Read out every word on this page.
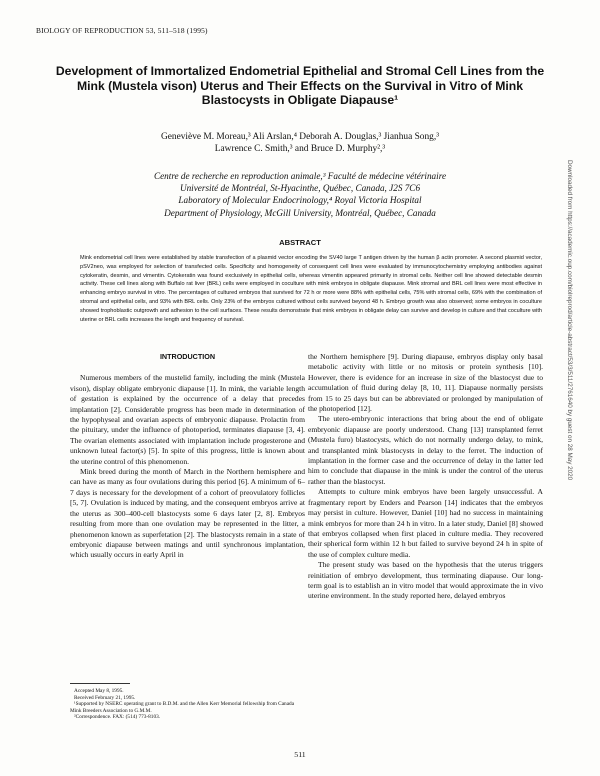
BIOLOGY OF REPRODUCTION 53, 511–518 (1995)
Development of Immortalized Endometrial Epithelial and Stromal Cell Lines from the Mink (Mustela vison) Uterus and Their Effects on the Survival in Vitro of Mink Blastocysts in Obligate Diapause¹
Geneviève M. Moreau,³ Ali Arslan,⁴ Deborah A. Douglas,³ Jianhua Song,³
Lawrence C. Smith,³ and Bruce D. Murphy²,³
Centre de recherche en reproduction animale,³ Faculté de médecine vétérinaire
Université de Montréal, St-Hyacinthe, Québec, Canada, J2S 7C6
Laboratory of Molecular Endocrinology,⁴ Royal Victoria Hospital
Department of Physiology, McGill University, Montréal, Québec, Canada	Downloaded from https://academic.oup.com/biolreprod/article-abstract/53/3/511/2761640 by guest on 28 May 2020
ABSTRACT
Mink endometrial cell lines were established by stable transfection of a plasmid vector encoding the SV40 large T antigen driven by the human β actin promoter. A second plasmid vector, pSV2neo, was employed for selection of transfected cells. Specificity and homogeneity of consequent cell lines were evaluated by immunocytochemistry employing antibodies against cytokeratin, desmin, and vimentin. Cytokeratin was found exclusively in epithelial cells, whereas vimentin appeared primarily in stromal cells. Neither cell line showed detectable desmin activity. These cell lines along with Buffalo rat liver (BRL) cells were employed in coculture with mink embryos in obligate diapause. Mink stromal and BRL cell lines were most effective in enhancing embryo survival in vitro. The percentages of cultured embryos that survived for 72 h or more were 88% with epithelial cells, 75% with stromal cells, 69% with the combination of stromal and epithelial cells, and 93% with BRL cells. Only 23% of the embryos cultured without cells survived beyond 48 h. Embryo growth was also observed; some embryos in coculture showed trophoblastic outgrowth and adhesion to the cell surfaces. These results demonstrate that mink embryos in obligate delay can survive and develop in culture and that coculture with uterine or BRL cells increases the length and frequency of survival.
INTRODUCTION

Numerous members of the mustelid family, including the mink (Mustela vison), display obligate embryonic diapause [1]. In mink, the variable length of gestation is explained by the occurrence of a delay that precedes implantation [2]. Considerable progress has been made in determination of the hypophyseal and ovarian aspects of embryonic diapause. Prolactin from the pituitary, under the influence of photoperiod, terminates diapause [3, 4]. The ovarian elements associated with implantation include progesterone and unknown luteal factor(s) [5]. In spite of this progress, little is known about the uterine control of this phenomenon.

Mink breed during the month of March in the Northern hemisphere and can have as many as four ovulations during this period [6]. A minimum of 6–7 days is necessary for the development of a cohort of preovulatory follicles [5, 7]. Ovulation is induced by mating, and the consequent embryos arrive at the uterus as 300–400-cell blastocysts some 6 days later [2, 8]. Embryos resulting from more than one ovulation may be represented in the litter, a phenomenon known as superfetation [2]. The blastocysts remain in a state of embryonic diapause between matings and until synchronous implantation, which usually occurs in early April in

the Northern hemisphere [9]. During diapause, embryos display only basal metabolic activity with little or no mitosis or protein synthesis [10]. However, there is evidence for an increase in size of the blastocyst due to accumulation of fluid during delay [8, 10, 11]. Diapause normally persists from 15 to 25 days but can be abbreviated or prolonged by manipulation of the photoperiod [12].

The utero-embryonic interactions that bring about the end of obligate embryonic diapause are poorly understood. Chang [13] transplanted ferret (Mustela furo) blastocysts, which do not normally undergo delay, to mink, and transplanted mink blastocysts in delay to the ferret. The induction of implantation in the former case and the occurrence of delay in the latter led him to conclude that diapause in the mink is under the control of the uterus rather than the blastocyst.

Attempts to culture mink embryos have been largely unsuccessful. A fragmentary report by Enders and Pearson [14] indicates that the embryos may persist in culture. However, Daniel [10] had no success in maintaining mink embryos for more than 24 h in vitro. In a later study, Daniel [8] showed that embryos collapsed when first placed in culture media. They recovered their spherical form within 12 h but failed to survive beyond 24 h in spite of the use of complex culture media.

The present study was based on the hypothesis that the uterus triggers reinitiation of embryo development, thus terminating diapause. Our long-term goal is to establish an in vitro model that would approximate the in vivo uterine environment. In the study reported here, delayed embryos

Accepted May 8, 1995.
Received February 21, 1995.
¹Supported by NSERC operating grant to B.D.M. and the Allen Kerr Memorial fellowship from Canada Mink Breeders Association to G.M.M.
²Correspondence. FAX: (514) 773-8103.
511
